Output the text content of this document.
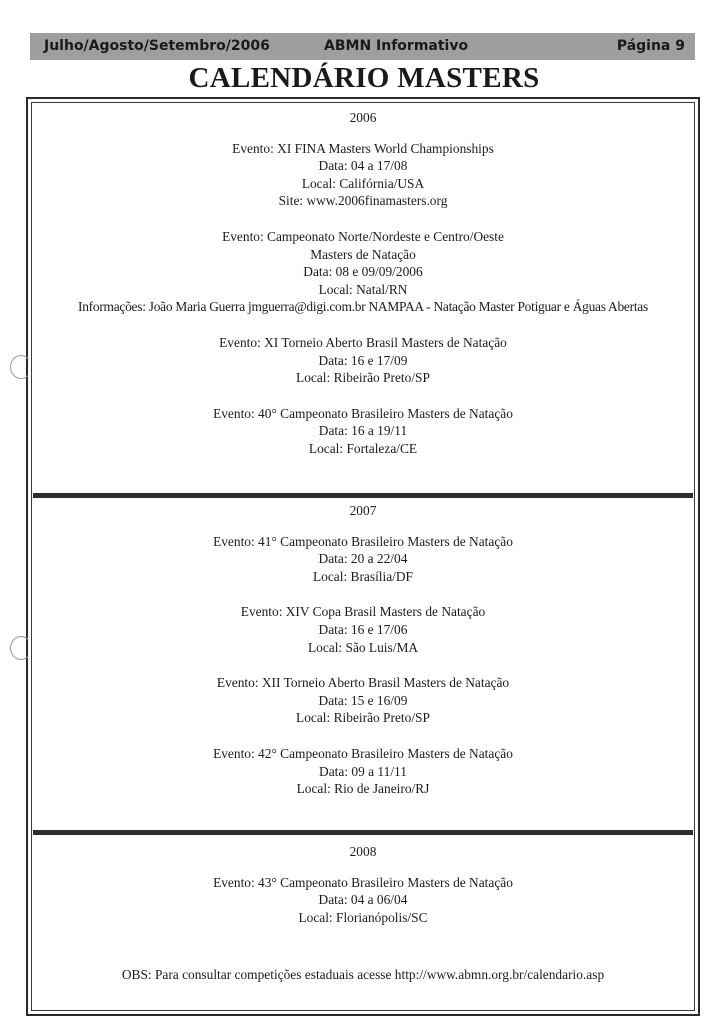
Julho/Agosto/Setembro/2006	ABMN Informativo	Página 9
CALENDÁRIO MASTERS
2006
Evento: XI FINA Masters World Championships
Data: 04 a 17/08
Local: Califórnia/USA
Site: www.2006finamasters.org
Evento: Campeonato Norte/Nordeste e Centro/Oeste
Masters de Natação
Data: 08 e 09/09/2006
Local: Natal/RN
Informações: João Maria Guerra jmguerra@digi.com.br NAMPAA - Natação Master Potiguar e Águas Abertas
Evento: XI Torneio Aberto Brasil Masters de Natação
Data: 16 e 17/09
Local: Ribeirão Preto/SP
Evento: 40° Campeonato Brasileiro Masters de Natação
Data: 16 a 19/11
Local: Fortaleza/CE
2007
Evento: 41° Campeonato Brasileiro Masters de Natação
Data: 20 a 22/04
Local: Brasília/DF
Evento: XIV Copa Brasil Masters de Natação
Data: 16 e 17/06
Local: São Luis/MA
Evento: XII Torneio Aberto Brasil Masters de Natação
Data: 15 e 16/09
Local: Ribeirão Preto/SP
Evento: 42° Campeonato Brasileiro Masters de Natação
Data: 09 a 11/11
Local: Rio de Janeiro/RJ
2008
Evento: 43° Campeonato Brasileiro Masters de Natação
Data: 04 a 06/04
Local: Florianópolis/SC
OBS: Para consultar competições estaduais acesse http://www.abmn.org.br/calendario.asp
